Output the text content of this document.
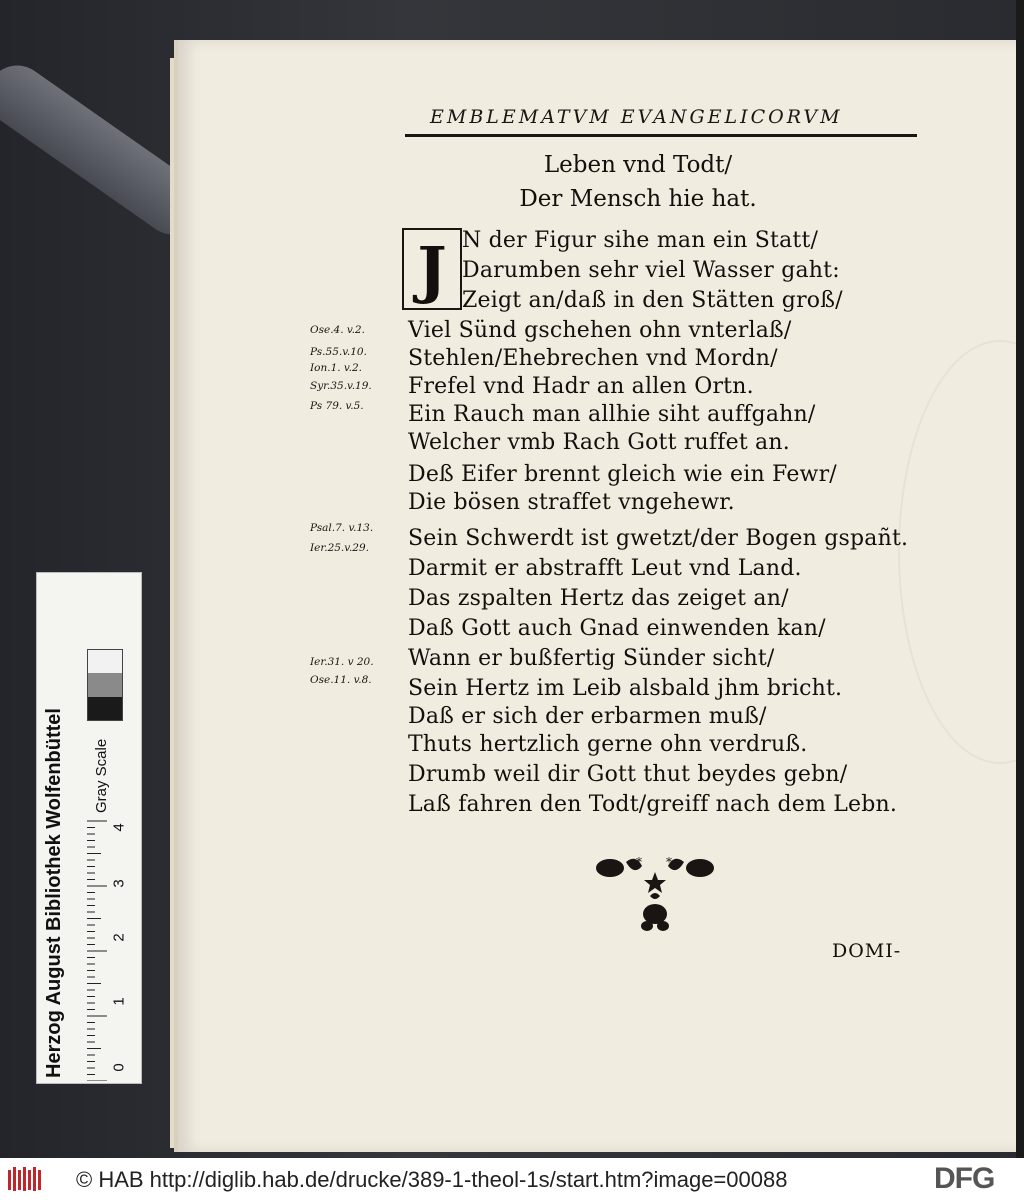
EMBLEMATVM EVANGELICORVM
Leben vnd Todt/
Der Mensch hie hat.
J N der Figur sihe man ein Statt/
Darumben sehr viel Wasser gaht:
Zeigt an/daß in den Stätten groß/
Viel Sünd gschehen ohn vnterlaß/
Stehlen/Ehebrechen vnd Mordn/
Frefel vnd Hadr an allen Ortn.
Ein Rauch man allhie siht auffgahn/
Welcher vmb Rach Gott ruffet an.
Deß Eifer brennt gleich wie ein Fewr/
Die bösen straffet vngehewr.
Sein Schwerdt ist gwetzt/der Bogen gspañt.
Darmit er abstrafft Leut vnd Land.
Das zspalten Hertz das zeiget an/
Daß Gott auch Gnad einwenden kan/
Wann er bußfertig Sünder sicht/
Sein Hertz im Leib alsbald jhm bricht.
Daß er sich der erbarmen muß/
Thuts hertzlich gerne ohn verdruß.
Drumb weil dir Gott thut beydes gebn/
Laß fahren den Todt/greiff nach dem Lebn.
Ose.4. v.2.
Ps.55.v.10.
Ion.1. v.2.
Syr.35.v.19.
Ps 79. v.5.
Psal.7. v.13.
Ier.25.v.29.
Ier.31. v 20.
Ose.11. v.8.
* *
DOMI-
Herzog August Bibliothek Wolfenbüttel Gray Scale
0
1
2
3
4
© HAB http://diglib.hab.de/drucke/389-1-theol-1s/start.htm?image=00088	DFG
